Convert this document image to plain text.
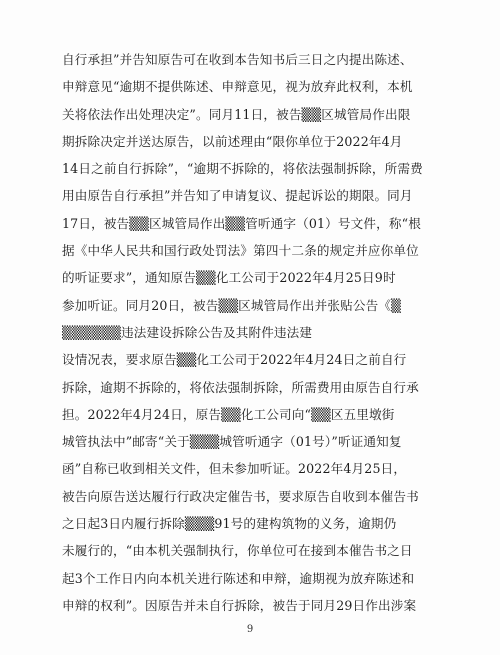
自行承担”并告知原告可在收到本告知书后三日之内提出陈述、
申辩意见“逾期不提供陈述、申辩意见，视为放弃此权利，本机
关将依法作出处理决定”。同月11日，被告▒▒区城管局作出限
期拆除决定并送达原告，以前述理由“限你单位于2022年4月
14日之前自行拆除”，“逾期不拆除的，将依法强制拆除，所需费
用由原告自行承担”并告知了申请复议、提起诉讼的期限。同月
17日，被告▒▒区城管局作出▒▒管听通字（01）号文件，称“根
据《中华人民共和国行政处罚法》第四十二条的规定并应你单位
的听证要求”，通知原告▒▒化工公司于2022年4月25日9时
参加听证。同月20日，被告▒▒区城管局作出并张贴公告《▒
▒▒▒▒▒▒违法建设拆除公告及其附件违法建
设情况表，要求原告▒▒化工公司于2022年4月24日之前自行
拆除，逾期不拆除的，将依法强制拆除，所需费用由原告自行承
担。2022年4月24日，原告▒▒化工公司向“▒▒区五里墩街
城管执法中”邮寄“关于▒▒▒城管听通字（01号）”听证通知复
函”自称已收到相关文件，但未参加听证。2022年4月25日，
被告向原告送达履行行政决定催告书，要求原告自收到本催告书
之日起3日内履行拆除▒▒▒91号的建构筑物的义务，逾期仍
未履行的，“由本机关强制执行，你单位可在接到本催告书之日
起3个工作日内向本机关进行陈述和申辩，逾期视为放弃陈述和
申辩的权利”。因原告并未自行拆除，被告于同月29日作出涉案
9
